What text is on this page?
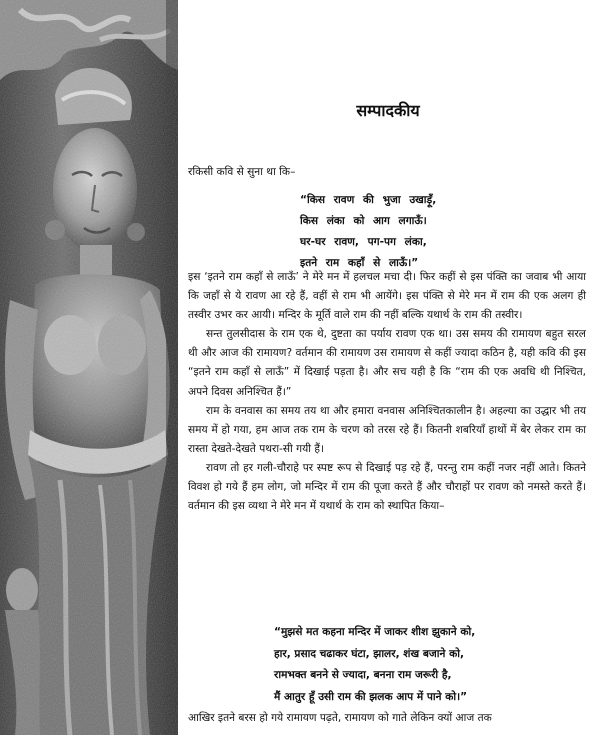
सम्पादकीय

रकिसी कवि से सुना था कि–

“किस रावण की भुजा उखाड़ूँ,
किस लंका को आग लगाऊँ।
घर-घर रावण, पग-पग लंका,
इतने राम कहाँ से लाऊँ।”

इस ‘इतने राम कहाँ से लाऊँ’ ने मेरे मन में हलचल मचा दी। फिर कहीं से इस पंक्ति का जवाब भी आया कि जहाँ से ये रावण आ रहे हैं, वहीं से राम भी आयेंगे। इस पंक्ति से मेरे मन में राम की एक अलग ही तस्वीर उभर कर आयी। मन्दिर के मूर्ति वाले राम की नहीं बल्कि यथार्थ के राम की तस्वीर।

सन्त तुलसीदास के राम एक थे, दुष्टता का पर्याय रावण एक था। उस समय की रामायण बहुत सरल थी और आज की रामायण? वर्तमान की रामायण उस रामायण से कहीं ज्यादा कठिन है, यही कवि की इस “इतने राम कहाँ से लाऊँ” में दिखाई पड़ता है। और सच यही है कि “राम की एक अवधि थी निश्चित, अपने दिवस अनिश्चित हैं।”

राम के वनवास का समय तय था और हमारा वनवास अनिश्चितकालीन है। अहल्या का उद्धार भी तय समय में हो गया, हम आज तक राम के चरण को तरस रहे हैं। कितनी शबरियाँ हाथों में बेर लेकर राम का रास्ता देखते-देखते पथरा-सी गयी हैं।

रावण तो हर गली-चौराहे पर स्पष्ट रूप से दिखाई पड़ रहे हैं, परन्तु राम कहीं नजर नहीं आते। कितने विवश हो गये हैं हम लोग, जो मन्दिर में राम की पूजा करते हैं और चौराहों पर रावण को नमस्ते करते हैं। वर्तमान की इस व्यथा ने मेरे मन में यथार्थ के राम को स्थापित किया–

“मुझसे मत कहना मन्दिर में जाकर शीश झुकाने को,
हार, प्रसाद चढाकर घंटा, झालर, शंख बजाने को,
रामभक्त बनने से ज्यादा, बनना राम जरूरी है,
मैं आतुर हूँ उसी राम की झलक आप में पाने को।”

आखिर इतने बरस हो गये रामायण पढ़ते, रामायण को गाते लेकिन क्यों आज तक
